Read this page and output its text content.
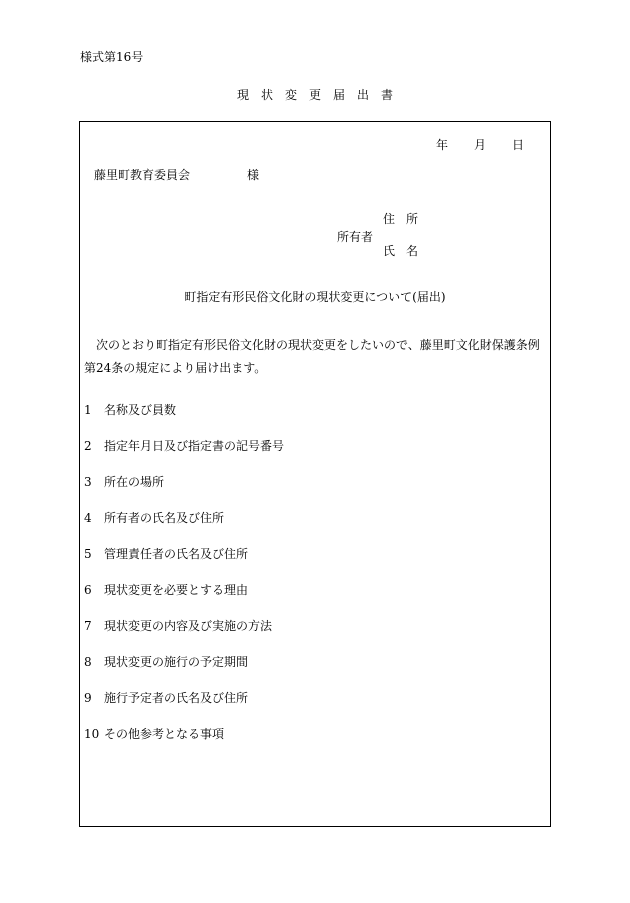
様式第16号
現状変更届出書
年 月 日
藤里町教育委員会	様
住所
所有者
氏名
町指定有形民俗文化財の現状変更について(届出)
次のとおり町指定有形民俗文化財の現状変更をしたいので、藤里町文化財保護条例第24条の規定により届け出ます。
1 名称及び員数
2 指定年月日及び指定書の記号番号
3 所在の場所
4 所有者の氏名及び住所
5 管理責任者の氏名及び住所
6 現状変更を必要とする理由
7 現状変更の内容及び実施の方法
8 現状変更の施行の予定期間
9 施行予定者の氏名及び住所
10 その他参考となる事項
